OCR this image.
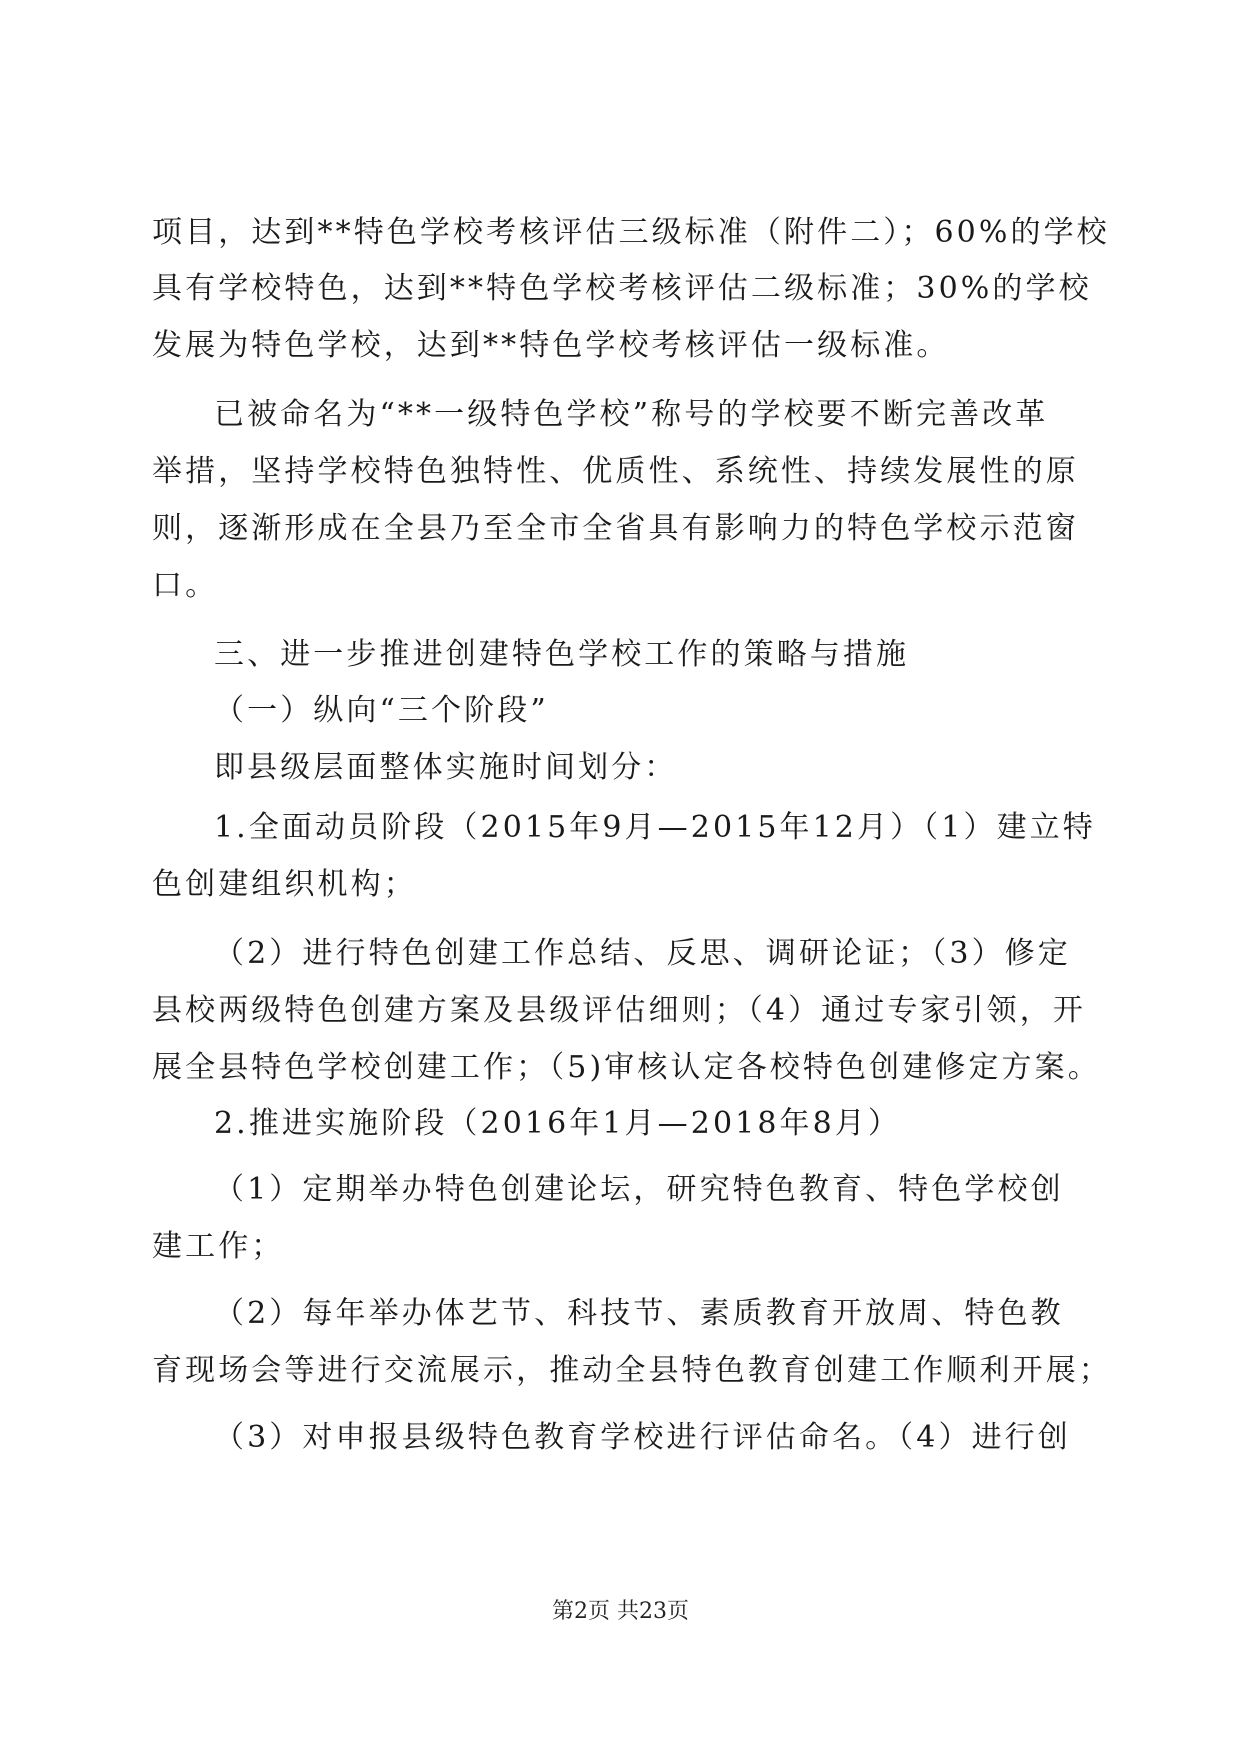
项目，达到**特色学校考核评估三级标准（附件二）；60%的学校
具有学校特色，达到**特色学校考核评估二级标准；30%的学校
发展为特色学校，达到**特色学校考核评估一级标准。
已被命名为“**一级特色学校”称号的学校要不断完善改革
举措，坚持学校特色独特性、优质性、系统性、持续发展性的原
则，逐渐形成在全县乃至全市全省具有影响力的特色学校示范窗
口。
三、进一步推进创建特色学校工作的策略与措施
（一）纵向“三个阶段”
即县级层面整体实施时间划分：
1.全面动员阶段（2015年9月—2015年12月）（1）建立特
色创建组织机构；
（2）进行特色创建工作总结、反思、调研论证；（3）修定
县校两级特色创建方案及县级评估细则；（4）通过专家引领，开
展全县特色学校创建工作；（5)审核认定各校特色创建修定方案。
2.推进实施阶段（2016年1月—2018年8月）
（1）定期举办特色创建论坛，研究特色教育、特色学校创
建工作；
（2）每年举办体艺节、科技节、素质教育开放周、特色教
育现场会等进行交流展示，推动全县特色教育创建工作顺利开展；
（3）对申报县级特色教育学校进行评估命名。（4）进行创
第2页 共23页
